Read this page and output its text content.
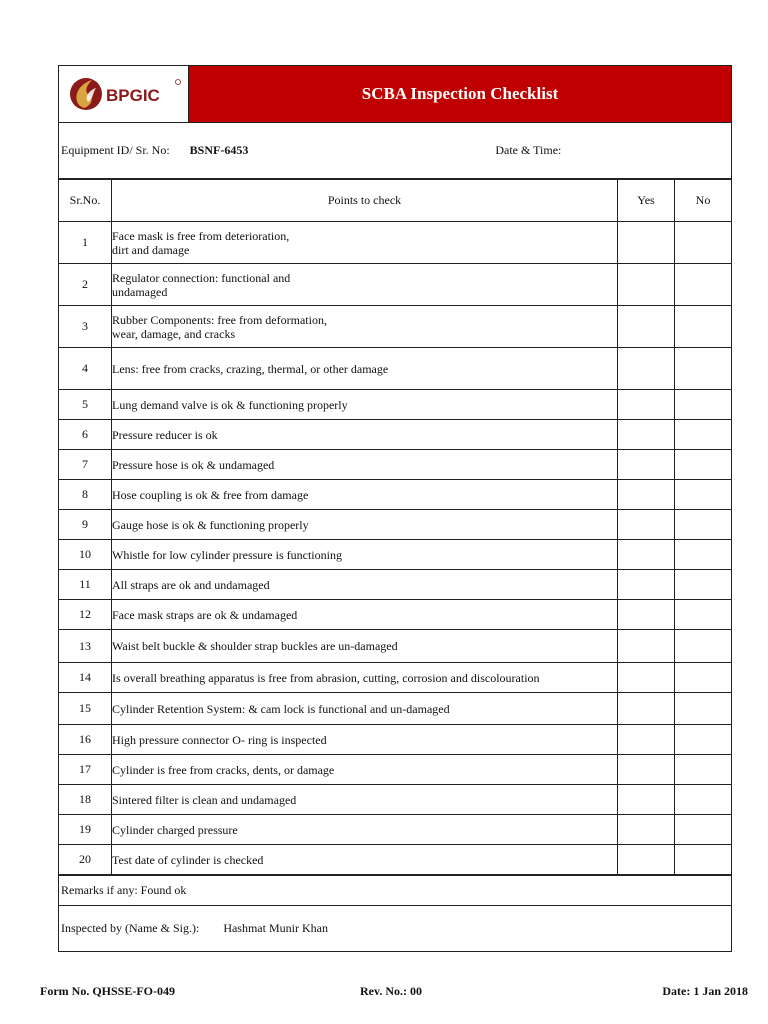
BPGIC	SCBA Inspection Checklist
Equipment ID/ Sr. No: BSNF-6453	Date & Time:
Sr.No.	Points to check	Yes	No
1	Face mask is free from deterioration,
dirt and damage		

2	Regulator connection: functional and
undamaged		

3	Rubber Components: free from deformation,
wear, damage, and cracks		

4	Lens: free from cracks, crazing, thermal, or other damage		

5	Lung demand valve is ok & functioning properly		

6	Pressure reducer is ok		

7	Pressure hose is ok & undamaged		

8	Hose coupling is ok & free from damage		

9	Gauge hose is ok & functioning properly		

10	Whistle for low cylinder pressure is functioning		

11	All straps are ok and undamaged		

12	Face mask straps are ok & undamaged		

13	Waist belt buckle & shoulder strap buckles are un-damaged		

14	Is overall breathing apparatus is free from abrasion, cutting, corrosion and discolouration		

15	Cylinder Retention System: & cam lock is functional and un-damaged		

16	High pressure connector O- ring is inspected		

17	Cylinder is free from cracks, dents, or damage		

18	Sintered filter is clean and undamaged		

19	Cylinder charged pressure		

20	Test date of cylinder is checked		

Remarks if any: Found ok
Inspected by (Name & Sig.): Hashmat Munir Khan
Form No. QHSSE-FO-049	Rev. No.: 00	Date: 1 Jan 2018
